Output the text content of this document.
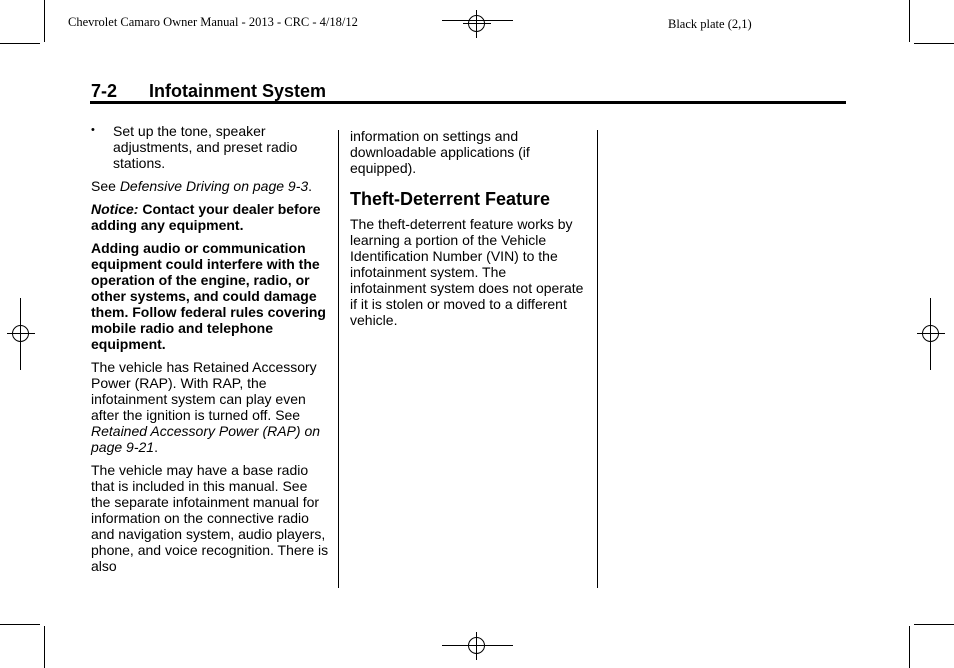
Chevrolet Camaro Owner Manual - 2013 - CRC - 4/18/12	Black plate (2,1)
7-2 Infotainment System
• Set up the tone, speaker adjustments, and preset radio stations.

See Defensive Driving on page 9-3.

Notice: Contact your dealer before adding any equipment.

Adding audio or communication equipment could interfere with the operation of the engine, radio, or other systems, and could damage them. Follow federal rules covering mobile radio and telephone equipment.

The vehicle has Retained Accessory Power (RAP). With RAP, the infotainment system can play even after the ignition is turned off. See Retained Accessory Power (RAP) on page 9-21.

The vehicle may have a base radio that is included in this manual. See the separate infotainment manual for information on the connective radio and navigation system, audio players, phone, and voice recognition. There is also

information on settings and downloadable applications (if equipped).

Theft-Deterrent Feature

The theft-deterrent feature works by learning a portion of the Vehicle Identification Number (VIN) to the infotainment system. The infotainment system does not operate if it is stolen or moved to a different vehicle.
